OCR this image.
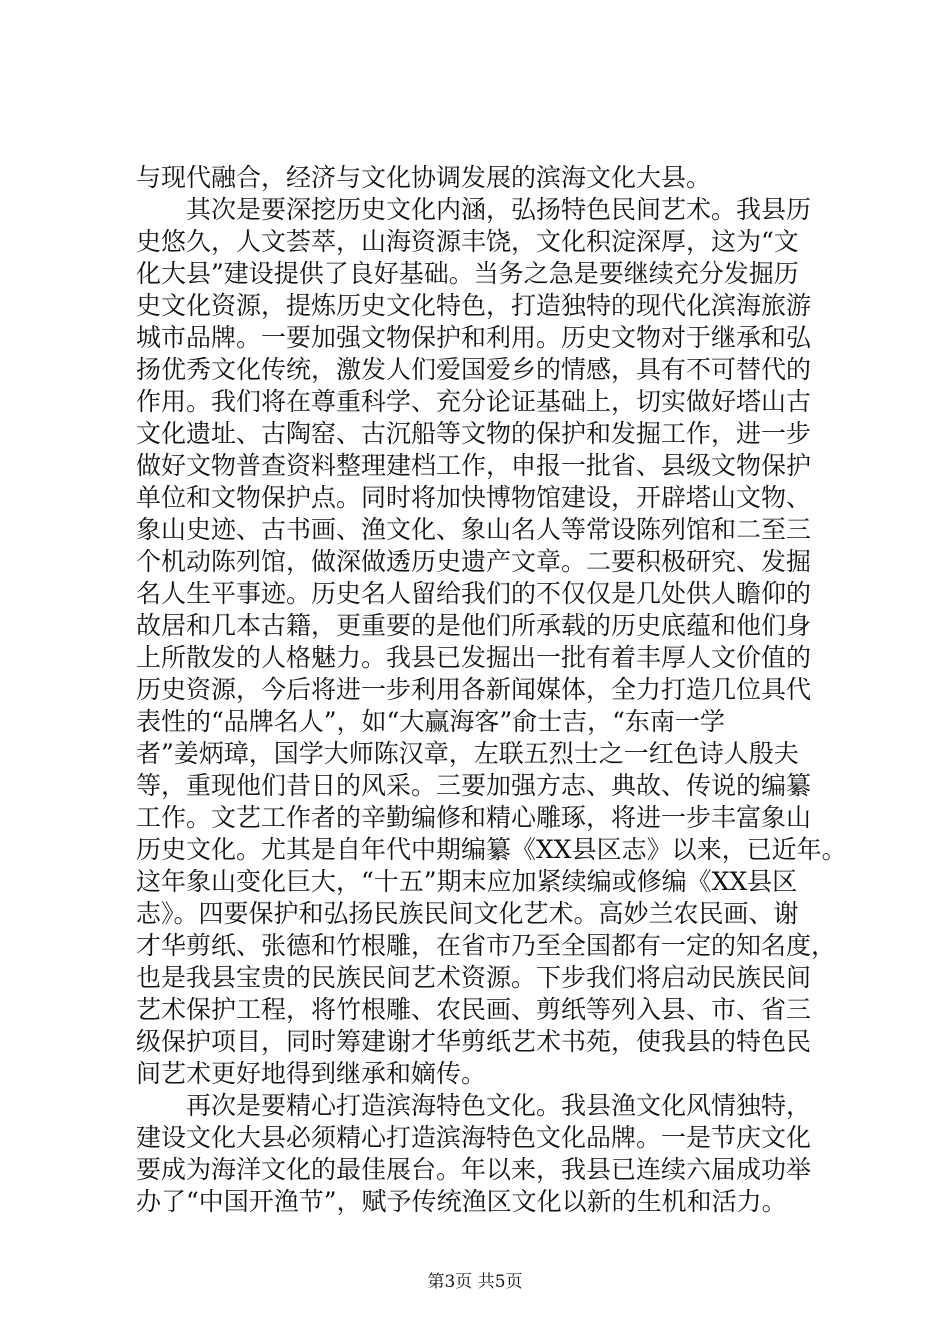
与现代融合，经济与文化协调发展的滨海文化大县。
　　其次是要深挖历史文化内涵，弘扬特色民间艺术。我县历
史悠久，人文荟萃，山海资源丰饶，文化积淀深厚，这为“文
化大县”建设提供了良好基础。当务之急是要继续充分发掘历
史文化资源，提炼历史文化特色，打造独特的现代化滨海旅游
城市品牌。一要加强文物保护和利用。历史文物对于继承和弘
扬优秀文化传统，激发人们爱国爱乡的情感，具有不可替代的
作用。我们将在尊重科学、充分论证基础上，切实做好塔山古
文化遗址、古陶窑、古沉船等文物的保护和发掘工作，进一步
做好文物普查资料整理建档工作，申报一批省、县级文物保护
单位和文物保护点。同时将加快博物馆建设，开辟塔山文物、
象山史迹、古书画、渔文化、象山名人等常设陈列馆和二至三
个机动陈列馆，做深做透历史遗产文章。二要积极研究、发掘
名人生平事迹。历史名人留给我们的不仅仅是几处供人瞻仰的
故居和几本古籍，更重要的是他们所承载的历史底蕴和他们身
上所散发的人格魅力。我县已发掘出一批有着丰厚人文价值的
历史资源，今后将进一步利用各新闻媒体，全力打造几位具代
表性的“品牌名人”，如“大赢海客”俞士吉，“东南一学
者”姜炳璋，国学大师陈汉章，左联五烈士之一红色诗人殷夫
等，重现他们昔日的风采。三要加强方志、典故、传说的编纂
工作。文艺工作者的辛勤编修和精心雕琢，将进一步丰富象山
历史文化。尤其是自年代中期编纂《XX县区志》以来，已近年。
这年象山变化巨大，“十五”期末应加紧续编或修编《XX县区
志》。四要保护和弘扬民族民间文化艺术。高妙兰农民画、谢
才华剪纸、张德和竹根雕，在省市乃至全国都有一定的知名度，
也是我县宝贵的民族民间艺术资源。下步我们将启动民族民间
艺术保护工程，将竹根雕、农民画、剪纸等列入县、市、省三
级保护项目，同时筹建谢才华剪纸艺术书苑，使我县的特色民
间艺术更好地得到继承和嫡传。
　　再次是要精心打造滨海特色文化。我县渔文化风情独特，
建设文化大县必须精心打造滨海特色文化品牌。一是节庆文化
要成为海洋文化的最佳展台。年以来，我县已连续六届成功举
办了“中国开渔节”，赋予传统渔区文化以新的生机和活力。
第3页 共5页
